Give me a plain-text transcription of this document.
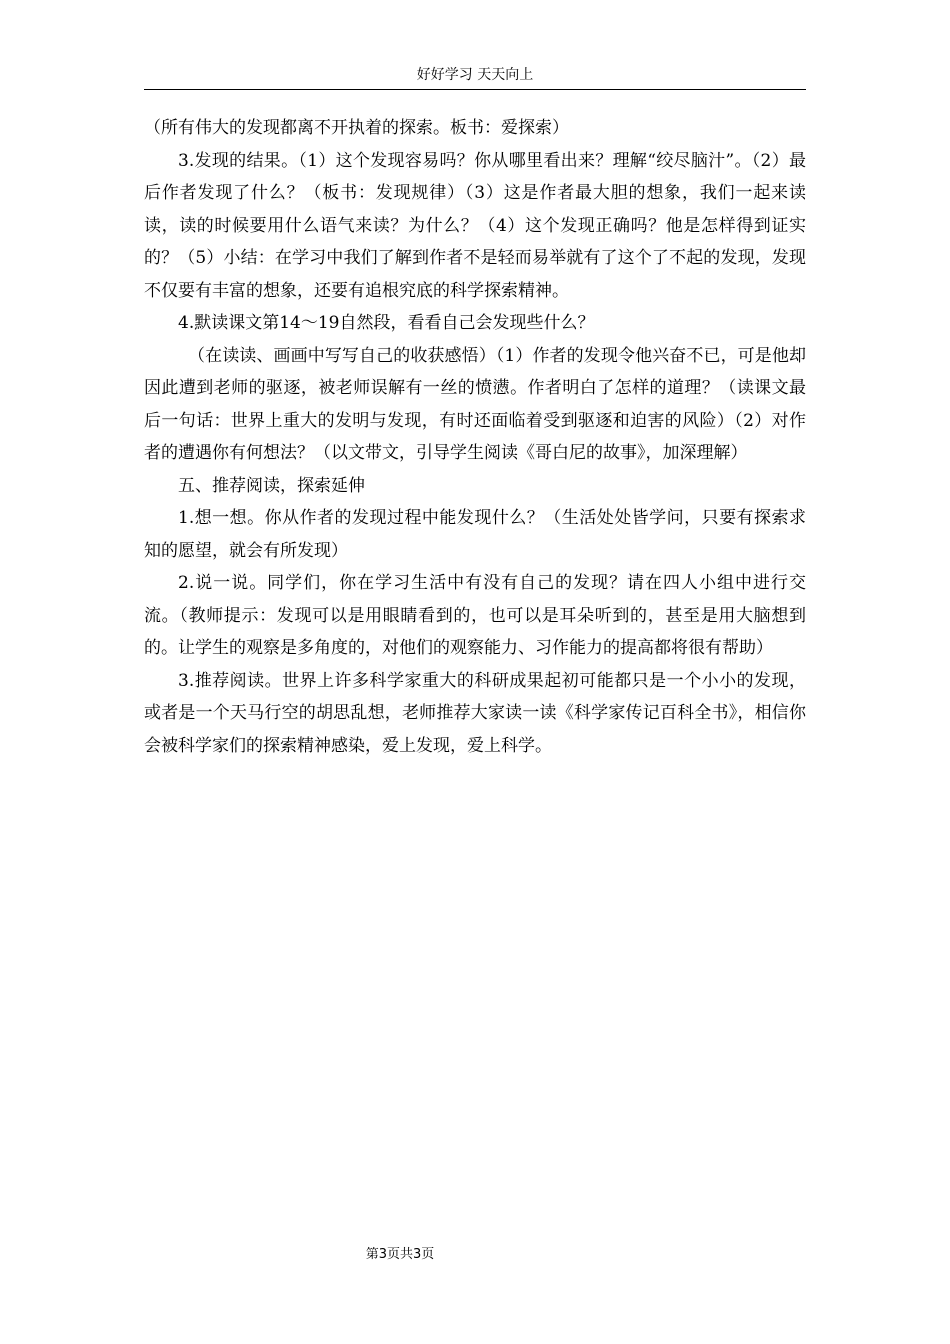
好好学习 天天向上

（所有伟大的发现都离不开执着的探索。板书：爱探索）

3.发现的结果。（1）这个发现容易吗？你从哪里看出来？理解“绞尽脑汁”。（2）最后作者发现了什么？（板书：发现规律）（3）这是作者最大胆的想象，我们一起来读读，读的时候要用什么语气来读？为什么？（4）这个发现正确吗？他是怎样得到证实的？（5）小结：在学习中我们了解到作者不是轻而易举就有了这个了不起的发现，发现不仅要有丰富的想象，还要有追根究底的科学探索精神。

4.默读课文第14～19自然段，看看自己会发现些什么？

（在读读、画画中写写自己的收获感悟）（1）作者的发现令他兴奋不已，可是他却因此遭到老师的驱逐，被老师误解有一丝的愤懑。作者明白了怎样的道理？（读课文最后一句话：世界上重大的发明与发现，有时还面临着受到驱逐和迫害的风险）（2）对作者的遭遇你有何想法？（以文带文，引导学生阅读《哥白尼的故事》，加深理解）

五、推荐阅读，探索延伸

1.想一想。你从作者的发现过程中能发现什么？（生活处处皆学问，只要有探索求知的愿望，就会有所发现）

2.说一说。同学们，你在学习生活中有没有自己的发现？请在四人小组中进行交流。（教师提示：发现可以是用眼睛看到的，也可以是耳朵听到的，甚至是用大脑想到的。让学生的观察是多角度的，对他们的观察能力、习作能力的提高都将很有帮助）

3.推荐阅读。世界上许多科学家重大的科研成果起初可能都只是一个小小的发现，或者是一个天马行空的胡思乱想，老师推荐大家读一读《科学家传记百科全书》，相信你会被科学家们的探索精神感染，爱上发现，爱上科学。

第3页共3页
